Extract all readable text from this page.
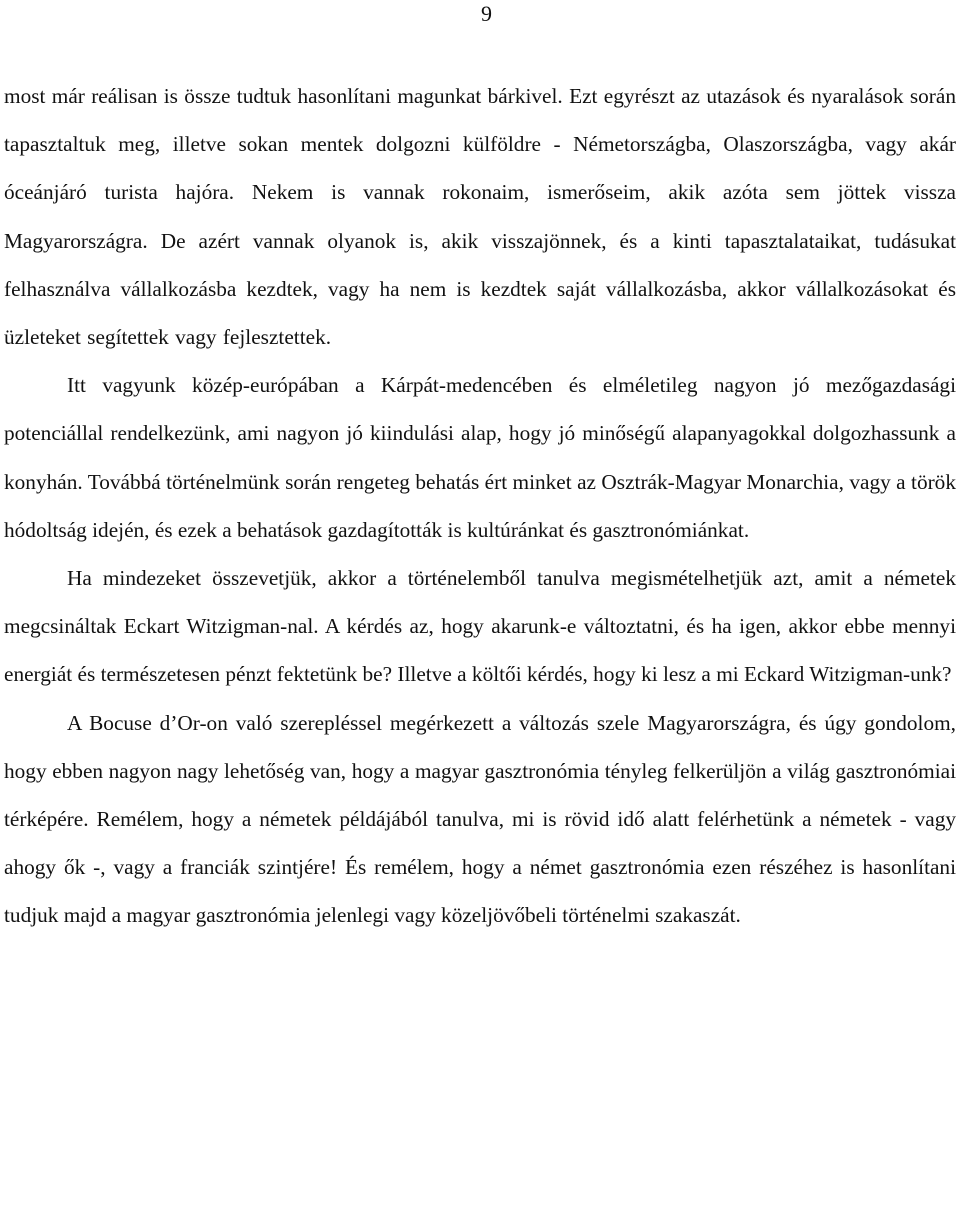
9

most már reálisan is össze tudtuk hasonlítani magunkat bárkivel. Ezt egyrészt az utazások és nyaralások során tapasztaltuk meg, illetve sokan mentek dolgozni külföldre - Németországba, Olaszországba, vagy akár óceánjáró turista hajóra. Nekem is vannak rokonaim, ismerőseim, akik azóta sem jöttek vissza Magyarországra. De azért vannak olyanok is, akik visszajönnek, és a kinti tapasztalataikat, tudásukat felhasználva vállalkozásba kezdtek, vagy ha nem is kezdtek saját vállalkozásba, akkor vállalkozásokat és üzleteket segítettek vagy fejlesztettek.

Itt vagyunk közép-európában a Kárpát-medencében és elméletileg nagyon jó mezőgazdasági potenciállal rendelkezünk, ami nagyon jó kiindulási alap, hogy jó minőségű alapanyagokkal dolgozhassunk a konyhán. Továbbá történelmünk során rengeteg behatás ért minket az Osztrák-Magyar Monarchia, vagy a török hódoltság idején, és ezek a behatások gazdagították is kultúránkat és gasztronómiánkat.

Ha mindezeket összevetjük, akkor a történelemből tanulva megismételhetjük azt, amit a németek megcsináltak Eckart Witzigman-nal. A kérdés az, hogy akarunk-e változtatni, és ha igen, akkor ebbe mennyi energiát és természetesen pénzt fektetünk be? Illetve a költői kérdés, hogy ki lesz a mi Eckard Witzigman-unk?

A Bocuse d’Or-on való szerepléssel megérkezett a változás szele Magyarországra, és úgy gondolom, hogy ebben nagyon nagy lehetőség van, hogy a magyar gasztronómia tényleg felkerüljön a világ gasztronómiai térképére. Remélem, hogy a németek példájából tanulva, mi is rövid idő alatt felérhetünk a németek - vagy ahogy ők -, vagy a franciák szintjére! És remélem, hogy a német gasztronómia ezen részéhez is hasonlítani tudjuk majd a magyar gasztronómia jelenlegi vagy közeljövőbeli történelmi szakaszát.
